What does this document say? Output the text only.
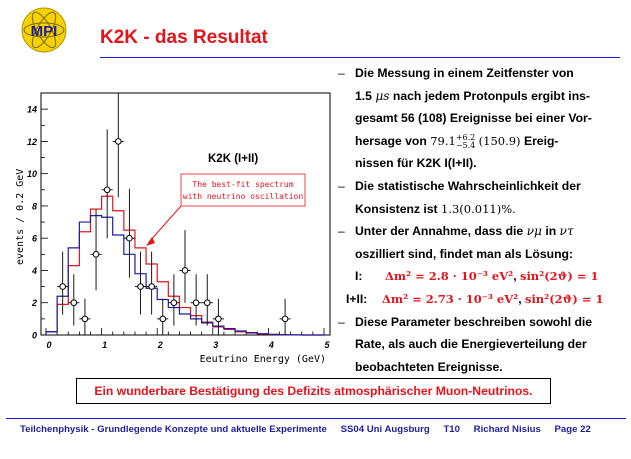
MPI K2K - das Resultat
events / 0.2 GeV
0
2
4
6
8
10
12
14
0	1	2	3	4	5
K2K (I+II)
The best-fit spectrum
with neutrino oscillation
Eeutrino Energy (GeV)
– Die Messung in einem Zeitfenster von
1.5 μs nach jedem Protonpuls ergibt ins-
gesamt 56 (108) Ereignisse bei einer Vor-
hersage von 79.1 +6.2
−5.4 (150.9) Ereig-
nissen für K2K I(I+II).
– Die statistische Wahrscheinlichkeit der
Konsistenz ist 1.3(0.011)%.
– Unter der Annahme, dass die νμ in ντ
oszilliert sind, findet man als Lösung:
I: Δm² = 2.8 · 10⁻³ eV², sin²(2ϑ) = 1
I+II: Δm² = 2.73 · 10⁻³ eV², sin²(2ϑ) = 1
– Diese Parameter beschreiben sowohl die
Rate, als auch die Energieverteilung der
beobachteten Ereignisse.
Ein wunderbare Bestätigung des Defizits atmosphärischer Muon-Neutrinos.
Teilchenphysik - Grundlegende Konzepte und aktuelle Experimente SS04 Uni Augsburg T10 Richard Nisius Page 22
